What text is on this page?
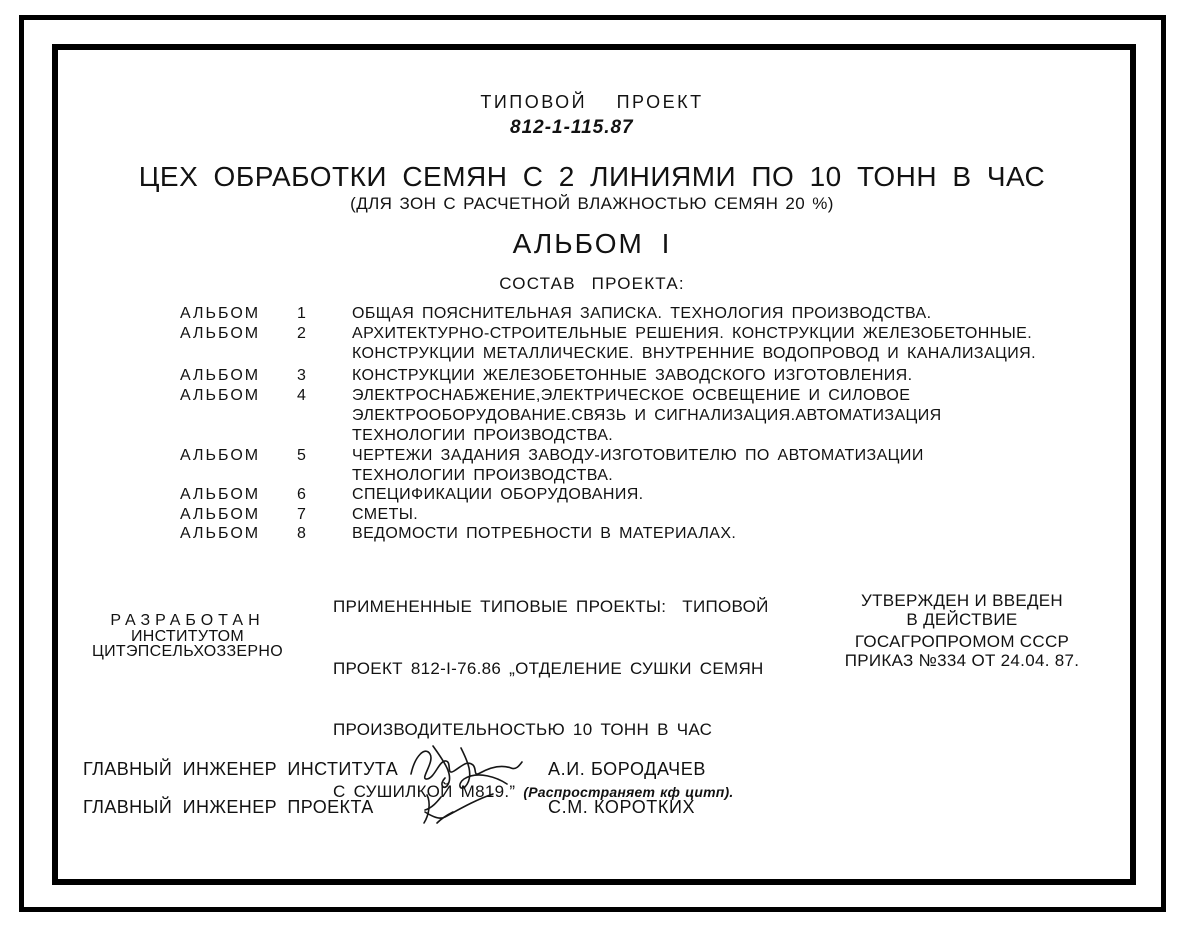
ТИПОВОЙ ПРОЕКТ
812-1-115.87
ЦЕХ ОБРАБОТКИ СЕМЯН С 2 ЛИНИЯМИ ПО 10 ТОНН В ЧАС
(ДЛЯ ЗОН С РАСЧЕТНОЙ ВЛАЖНОСТЬЮ СЕМЯН 20 %)
АЛЬБОМ I
СОСТАВ ПРОЕКТА:
АЛЬБОМ	1	ОБЩАЯ ПОЯСНИТЕЛЬНАЯ ЗАПИСКА. ТЕХНОЛОГИЯ ПРОИЗВОДСТВА.
АЛЬБОМ	2	АРХИТЕКТУРНО-СТРОИТЕЛЬНЫЕ РЕШЕНИЯ. КОНСТРУКЦИИ ЖЕЛЕЗОБЕТОННЫЕ.
КОНСТРУКЦИИ МЕТАЛЛИЧЕСКИЕ. ВНУТРЕННИЕ ВОДОПРОВОД И КАНАЛИЗАЦИЯ.
АЛЬБОМ	3	КОНСТРУКЦИИ ЖЕЛЕЗОБЕТОННЫЕ ЗАВОДСКОГО ИЗГОТОВЛЕНИЯ.
АЛЬБОМ	4	ЭЛЕКТРОСНАБЖЕНИЕ,ЭЛЕКТРИЧЕСКОЕ ОСВЕЩЕНИЕ И СИЛОВОЕ
ЭЛЕКТРООБОРУДОВАНИЕ.СВЯЗЬ И СИГНАЛИЗАЦИЯ.АВТОМАТИЗАЦИЯ
ТЕХНОЛОГИИ ПРОИЗВОДСТВА.
АЛЬБОМ	5	ЧЕРТЕЖИ ЗАДАНИЯ ЗАВОДУ-ИЗГОТОВИТЕЛЮ ПО АВТОМАТИЗАЦИИ
ТЕХНОЛОГИИ ПРОИЗВОДСТВА.
АЛЬБОМ	6	СПЕЦИФИКАЦИИ ОБОРУДОВАНИЯ.
АЛЬБОМ	7	СМЕТЫ.
АЛЬБОМ	8	ВЕДОМОСТИ ПОТРЕБНОСТИ В МАТЕРИАЛАХ.

ПРИМЕНЕННЫЕ ТИПОВЫЕ ПРОЕКТЫ:  ТИПОВОЙ

ПРОЕКТ 812-I-76.86 „ОТДЕЛЕНИЕ СУШКИ СЕМЯН

ПРОИЗВОДИТЕЛЬНОСТЬЮ 10 ТОНН В ЧАС

С СУШИЛКОЙ М819.” (Распространяет кф цитп).

РАЗРАБОТАН
ИНСТИТУТОМ
ЦИТЭПСЕЛЬХОЗЗЕРНО
УТВЕРЖДЕН И ВВЕДЕН
В ДЕЙСТВИЕ
ГОСАГРОПРОМОМ СССР
ПРИКАЗ №334 ОТ 24.04. 87.
ГЛАВНЫЙ ИНЖЕНЕР ИНСТИТУТА	А.И. БОРОДАЧЕВ
ГЛАВНЫЙ ИНЖЕНЕР ПРОЕКТА	С.М. КОРОТКИХ
